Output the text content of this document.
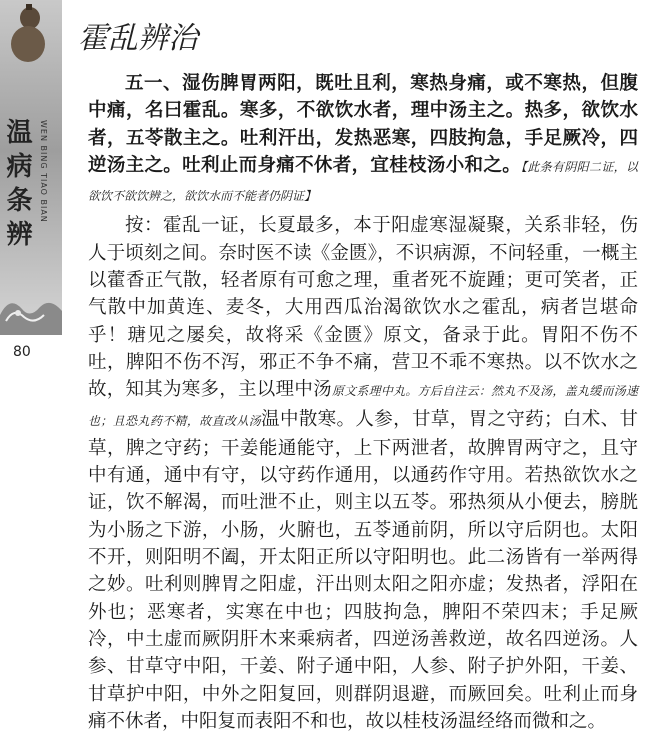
温病条辨 WEN BING TIAO BIAN
80
霍乱辨治

五一、湿伤脾胃两阳，既吐且利，寒热身痛，或不寒热，但腹中痛，名曰霍乱。寒多，不欲饮水者，理中汤主之。热多，欲饮水者，五苓散主之。吐利汗出，发热恶寒，四肢拘急，手足厥冷，四逆汤主之。吐利止而身痛不休者，宜桂枝汤小和之。【此条有阴阳二证，以欲饮不欲饮辨之，欲饮水而不能者仍阴证】

按：霍乱一证，长夏最多，本于阳虚寒湿凝聚，关系非轻，伤人于顷刻之间。奈时医不读《金匮》，不识病源，不问轻重，一概主以藿香正气散，轻者原有可愈之理，重者死不旋踵；更可笑者，正气散中加黄连、麦冬，大用西瓜治渴欲饮水之霍乱，病者岂堪命乎！瑭见之屡矣，故将采《金匮》原文，备录于此。胃阳不伤不吐，脾阳不伤不泻，邪正不争不痛，营卫不乖不寒热。以不饮水之故，知其为寒多，主以理中汤原文系理中丸。方后自注云：然丸不及汤，盖丸缓而汤速也；且恐丸药不精，故直改从汤温中散寒。人参，甘草，胃之守药；白术、甘草，脾之守药；干姜能通能守，上下两泄者，故脾胃两守之，且守中有通，通中有守，以守药作通用，以通药作守用。若热欲饮水之证，饮不解渴，而吐泄不止，则主以五苓。邪热须从小便去，膀胱为小肠之下游，小肠，火腑也，五苓通前阴，所以守后阴也。太阳不开，则阳明不阖，开太阳正所以守阳明也。此二汤皆有一举两得之妙。吐利则脾胃之阳虚，汗出则太阳之阳亦虚；发热者，浮阳在外也；恶寒者，实寒在中也；四肢拘急，脾阳不荣四末；手足厥冷，中土虚而厥阴肝木来乘病者，四逆汤善救逆，故名四逆汤。人参、甘草守中阳，干姜、附子通中阳，人参、附子护外阳，干姜、甘草护中阳，中外之阳复回，则群阴退避，而厥回矣。吐利止而身痛不休者，中阳复而表阳不和也，故以桂枝汤温经络而微和之。
